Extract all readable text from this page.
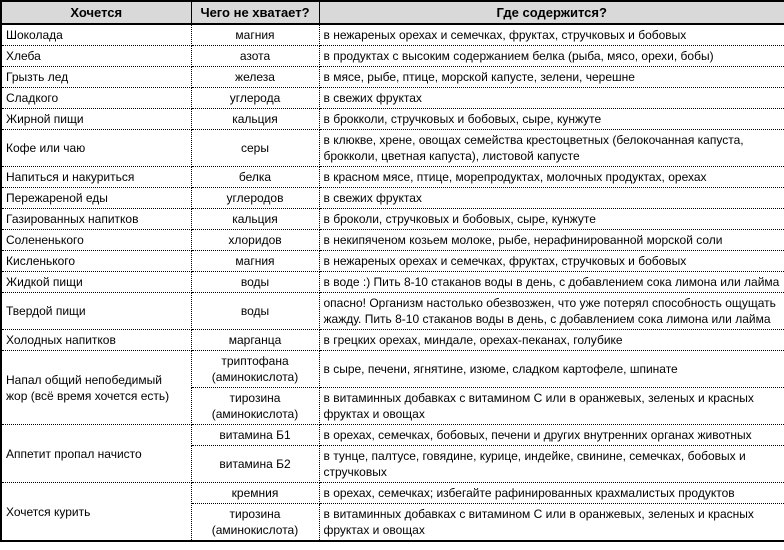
Хочется	Чего не хватает?	Где содержится?
Шоколада	магния	в нежареных орехах и семечках, фруктах, стручковых и бобовых
Хлеба	азота	в продуктах с высоким содержанием белка (рыба, мясо, орехи, бобы)
Грызть лед	железа	в мясе, рыбе, птице, морской капусте, зелени, черешне
Сладкого	углерода	в свежих фруктах
Жирной пищи	кальция	в брокколи, стручковых и бобовых, сыре, кунжуте
Кофе или чаю	серы	в клюкве, хрене, овощах семейства крестоцветных (белокочанная капуста, брокколи, цветная капуста), листовой капусте
Напиться и накуриться	белка	в красном мясе, птице, морепродуктах, молочных продуктах, орехах
Пережареной еды	углеродов	в свежих фруктах
Газированных напитков	кальция	в броколи, стручковых и бобовых, сыре, кунжуте
Солененького	хлоридов	в некипяченом козьем молоке, рыбе, нерафинированной морской соли
Кисленького	магния	в нежареных орехах и семечках, фруктах, стручковых и бобовых
Жидкой пищи	воды	в воде :) Пить 8-10 стаканов воды в день, с добавлением сока лимона или лайма
Твердой пищи	воды	опасно! Организм настолько обезвозжен, что уже потерял способность ощущать жажду. Пить 8-10 стаканов воды в день, с добавлением сока лимона или лайма
Холодных напитков	марганца	в грецких орехах, миндале, орехах-пеканах, голубике
Напал общий непобедимый жор (всё время хочется есть)	триптофана (аминокислота)	в сыре, печени, ягнятине, изюме, сладком картофеле, шпинате
	тирозина (аминокислота)	в витаминных добавках с витамином С или в оранжевых, зеленых и красных фруктах и овощах
Аппетит пропал начисто	витамина Б1	в орехах, семечках, бобовых, печени и других внутренних органах животных
	витамина Б2	в тунце, палтусе, говядине, курице, индейке, свинине, семечках, бобовых и стручковых
Хочется курить	кремния	в орехах, семечках; избегайте рафинированных крахмалистых продуктов
	тирозина (аминокислота)	в витаминных добавках с витамином С или в оранжевых, зеленых и красных фруктах и овощах
